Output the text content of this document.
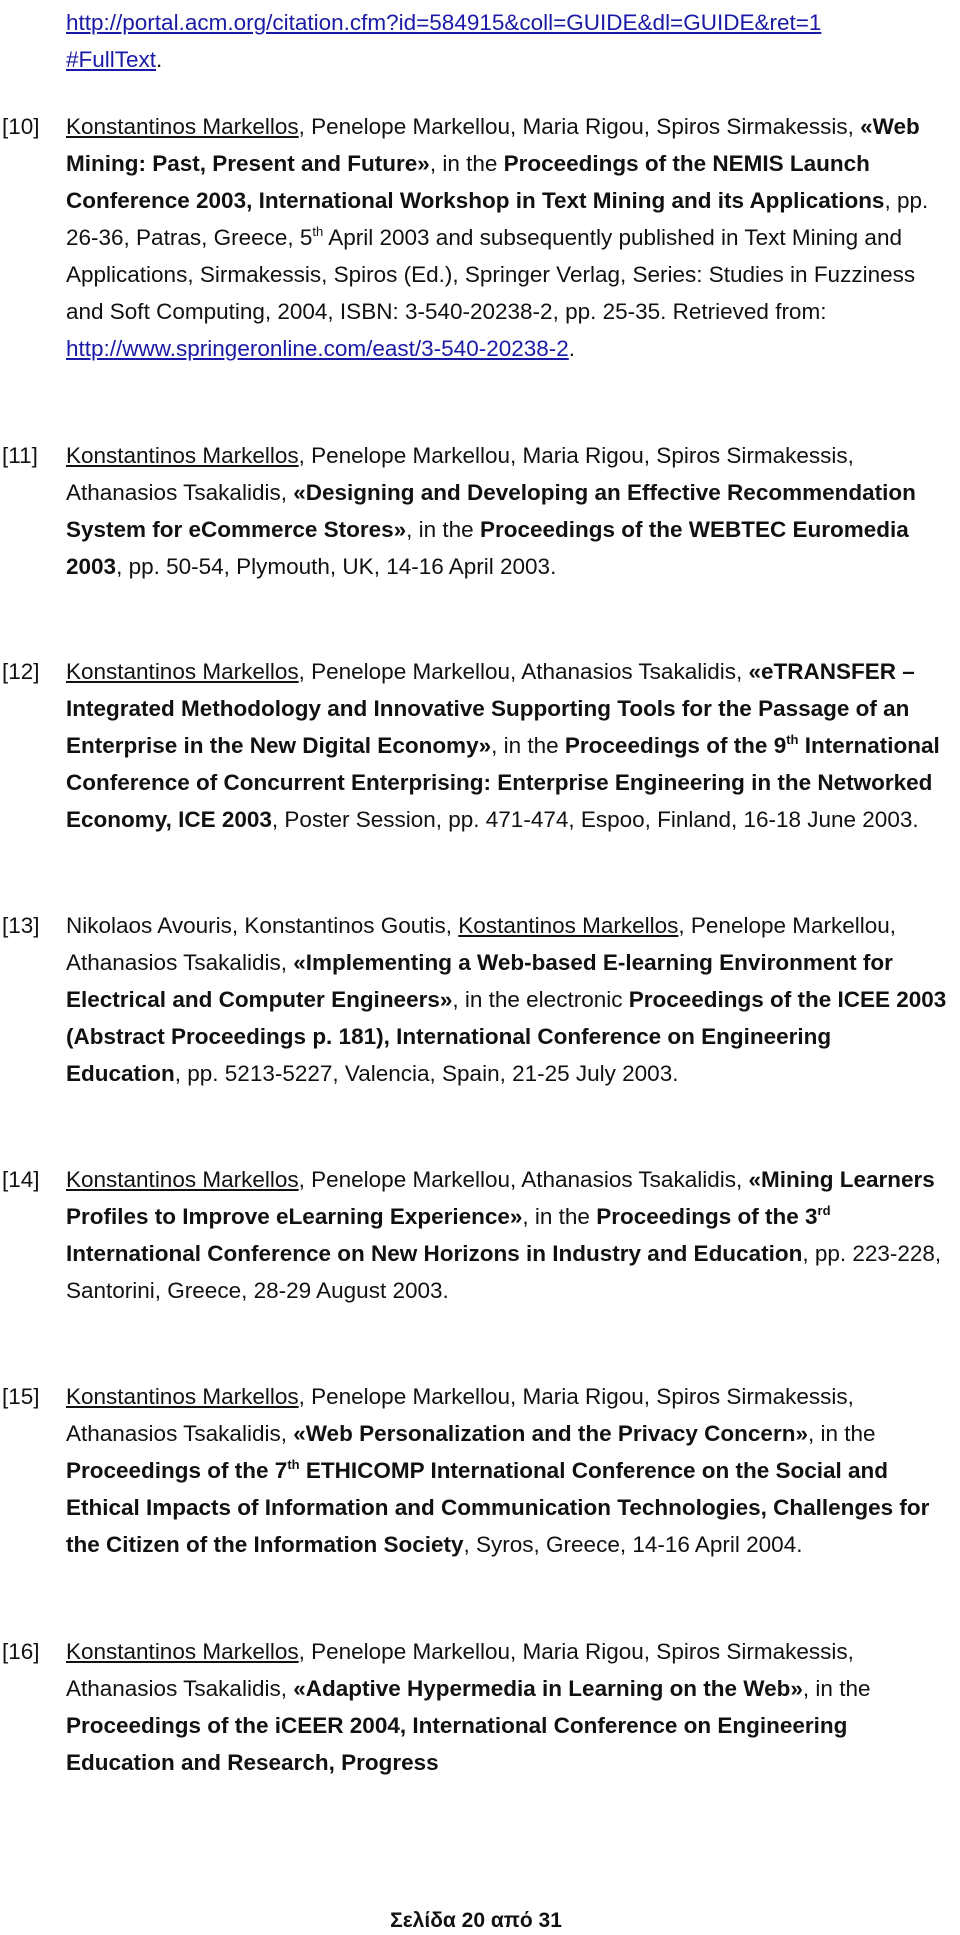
http://portal.acm.org/citation.cfm?id=584915&coll=GUIDE&dl=GUIDE&ret=1
#FullText.
[10] Konstantinos Markellos, Penelope Markellou, Maria Rigou, Spiros Sirmakessis, «Web Mining: Past, Present and Future», in the Proceedings of the NEMIS Launch Conference 2003, International Workshop in Text Mining and its Applications, pp. 26-36, Patras, Greece, 5th April 2003 and subsequently published in Text Mining and Applications, Sirmakessis, Spiros (Ed.), Springer Verlag, Series: Studies in Fuzziness and Soft Computing, 2004, ISBN: 3-540-20238-2, pp. 25-35. Retrieved from: http://www.springeronline.com/east/3-540-20238-2.
[11] Konstantinos Markellos, Penelope Markellou, Maria Rigou, Spiros Sirmakessis, Athanasios Tsakalidis, «Designing and Developing an Effective Recommendation System for eCommerce Stores», in the Proceedings of the WEBTEC Euromedia 2003, pp. 50-54, Plymouth, UK, 14-16 April 2003.
[12] Konstantinos Markellos, Penelope Markellou, Athanasios Tsakalidis, «eTRANSFER – Integrated Methodology and Innovative Supporting Tools for the Passage of an Enterprise in the New Digital Economy», in the Proceedings of the 9th International Conference of Concurrent Enterprising: Enterprise Engineering in the Networked Economy, ICE 2003, Poster Session, pp. 471-474, Espoo, Finland, 16-18 June 2003.
[13] Nikolaos Avouris, Konstantinos Goutis, Kostantinos Markellos, Penelope Markellou, Athanasios Tsakalidis, «Implementing a Web-based E-learning Environment for Electrical and Computer Engineers», in the electronic Proceedings of the ICEE 2003 (Abstract Proceedings p. 181), International Conference on Engineering Education, pp. 5213-5227, Valencia, Spain, 21-25 July 2003.
[14] Konstantinos Markellos, Penelope Markellou, Athanasios Tsakalidis, «Mining Learners Profiles to Improve eLearning Experience», in the Proceedings of the 3rd International Conference on New Horizons in Industry and Education, pp. 223-228, Santorini, Greece, 28-29 August 2003.
[15] Konstantinos Markellos, Penelope Markellou, Maria Rigou, Spiros Sirmakessis, Athanasios Tsakalidis, «Web Personalization and the Privacy Concern», in the Proceedings of the 7th ETHICOMP International Conference on the Social and Ethical Impacts of Information and Communication Technologies, Challenges for the Citizen of the Information Society, Syros, Greece, 14-16 April 2004.
[16] Konstantinos Markellos, Penelope Markellou, Maria Rigou, Spiros Sirmakessis, Athanasios Tsakalidis, «Adaptive Hypermedia in Learning on the Web», in the Proceedings of the iCEER 2004, International Conference on Engineering Education and Research, Progress
Σελίδα 20 από 31
